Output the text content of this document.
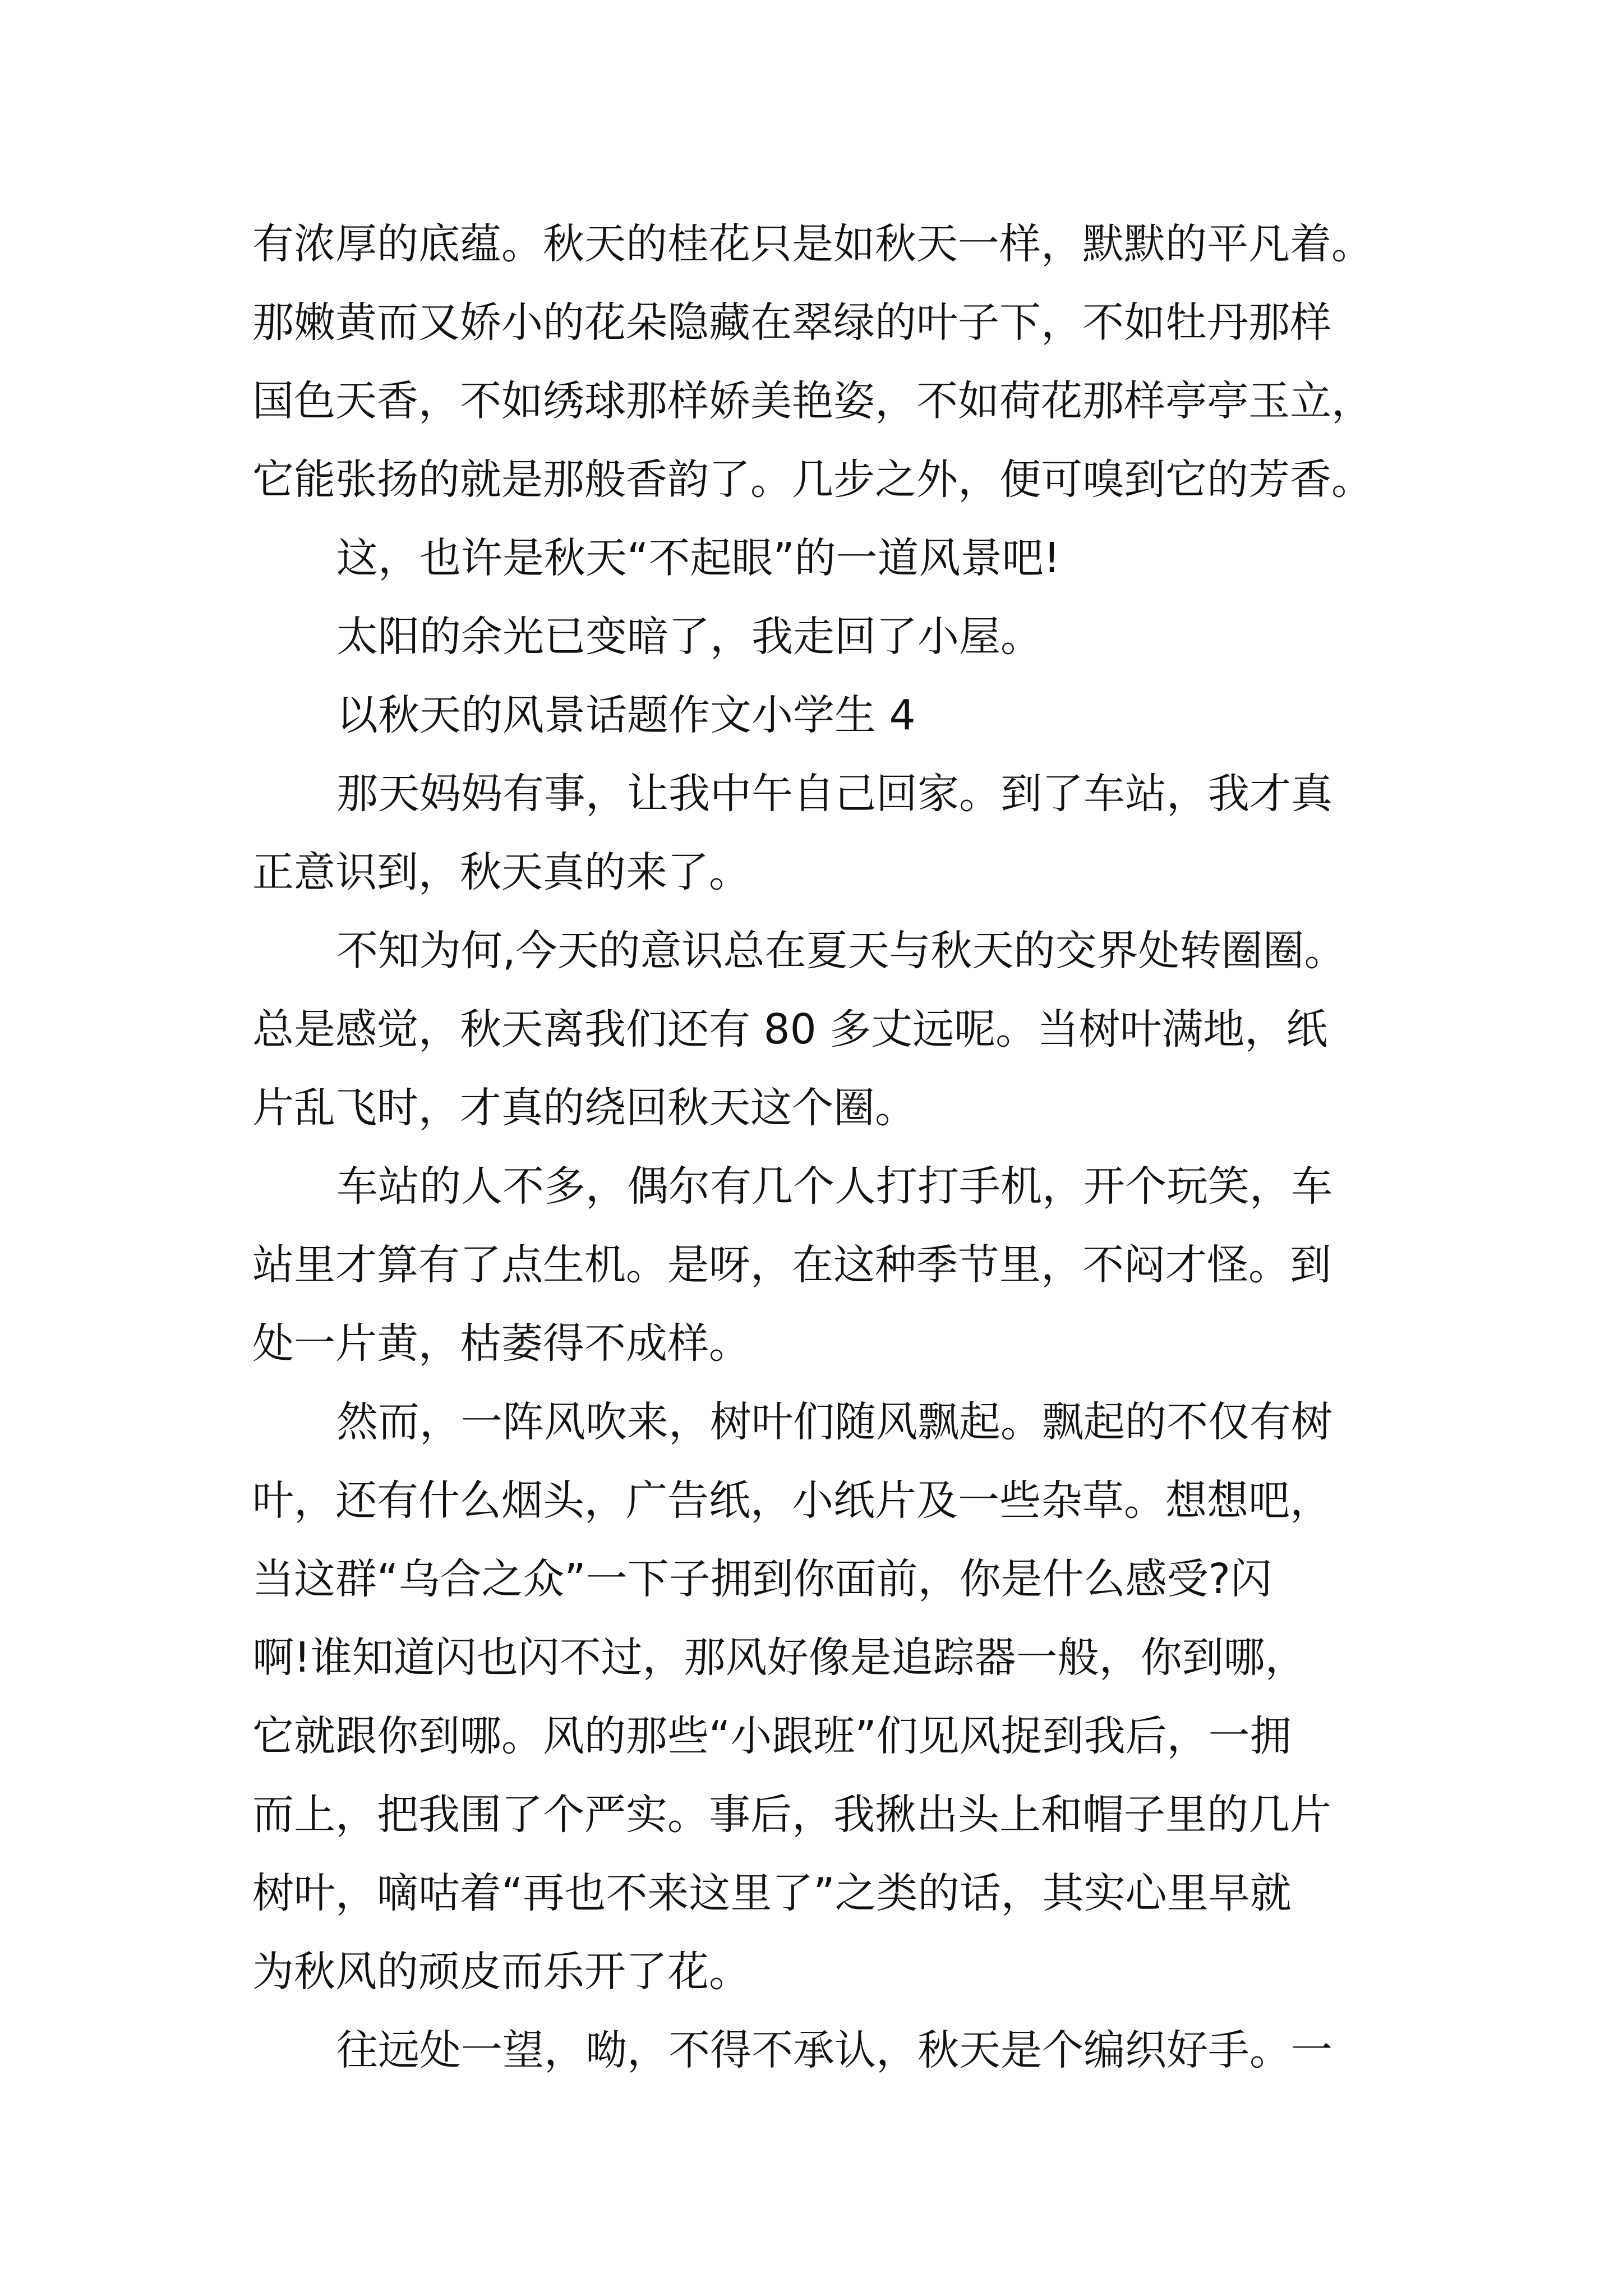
有浓厚的底蕴。秋天的桂花只是如秋天一样，默默的平凡着。

那嫩黄而又娇小的花朵隐藏在翠绿的叶子下，不如牡丹那样

国色天香，不如绣球那样娇美艳姿，不如荷花那样亭亭玉立，

它能张扬的就是那般香韵了。几步之外，便可嗅到它的芳香。

这，也许是秋天“不起眼”的一道风景吧!

太阳的余光已变暗了，我走回了小屋。

以秋天的风景话题作文小学生 4

那天妈妈有事，让我中午自己回家。到了车站，我才真

正意识到，秋天真的来了。

不知为何,今天的意识总在夏天与秋天的交界处转圈圈。

总是感觉，秋天离我们还有 80 多丈远呢。当树叶满地，纸

片乱飞时，才真的绕回秋天这个圈。

车站的人不多，偶尔有几个人打打手机，开个玩笑，车

站里才算有了点生机。是呀，在这种季节里，不闷才怪。到

处一片黄，枯萎得不成样。

然而，一阵风吹来，树叶们随风飘起。飘起的不仅有树

叶，还有什么烟头，广告纸，小纸片及一些杂草。想想吧，

当这群“乌合之众”一下子拥到你面前，你是什么感受?闪

啊!谁知道闪也闪不过，那风好像是追踪器一般，你到哪，

它就跟你到哪。风的那些“小跟班”们见风捉到我后，一拥

而上，把我围了个严实。事后，我揪出头上和帽子里的几片

树叶，嘀咕着“再也不来这里了”之类的话，其实心里早就

为秋风的顽皮而乐开了花。

往远处一望，呦，不得不承认，秋天是个编织好手。一
